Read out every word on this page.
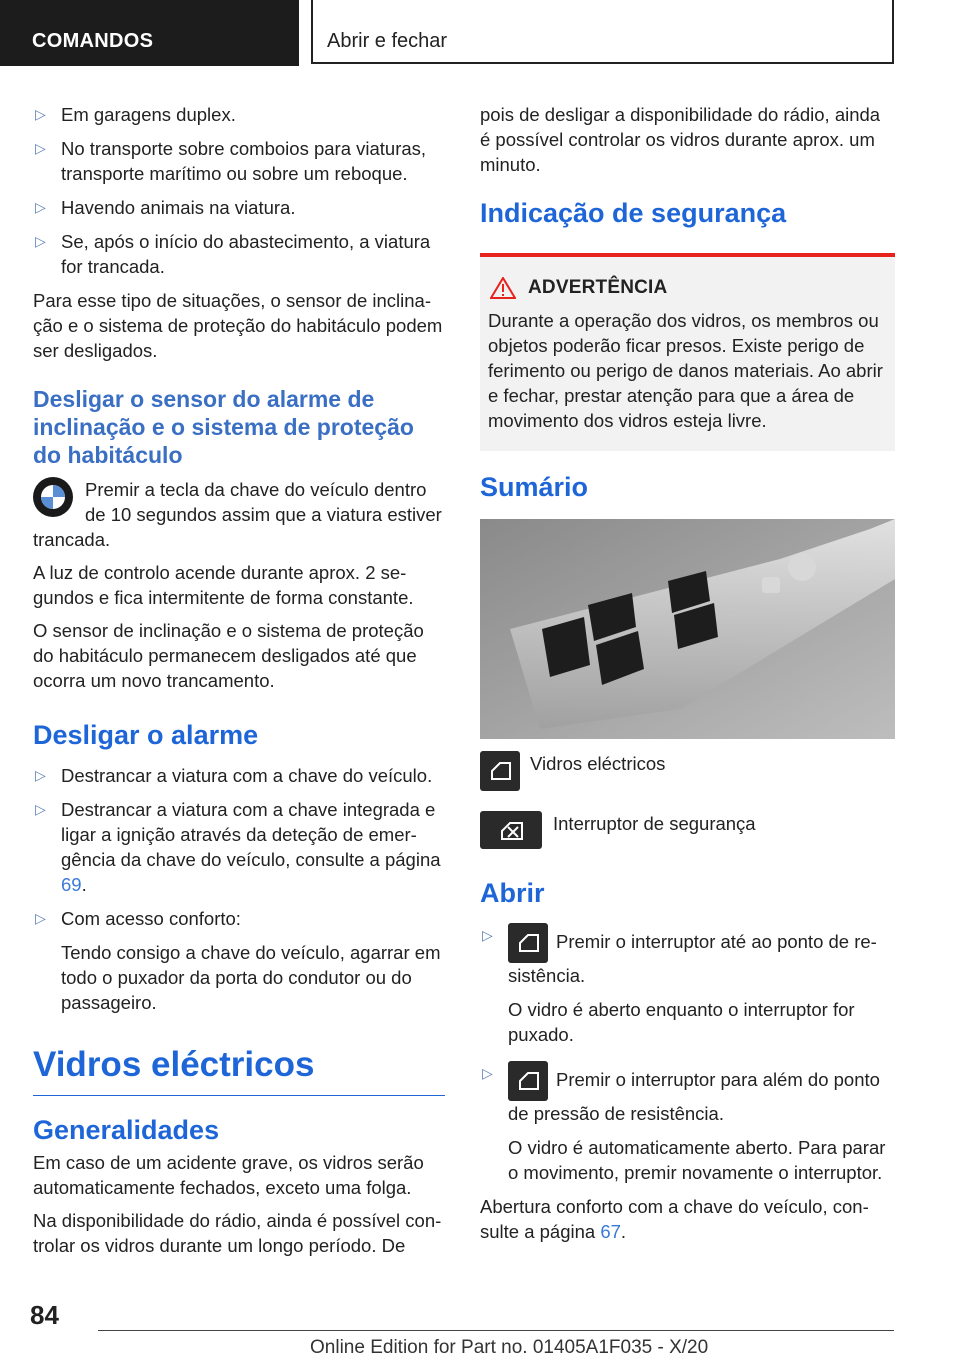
COMANDOS	Abrir e fechar
▷ Em garagens duplex.
▷ No transporte sobre comboios para viaturas, transporte marítimo ou sobre um reboque.
▷ Havendo animais na viatura.
▷ Se, após o início do abastecimento, a viatura for trancada.

Para esse tipo de situações, o sensor de inclinação e o sistema de proteção do habitáculo podem ser desligados.

Desligar o sensor do alarme de inclinação e o sistema de proteção do habitáculo

Premir a tecla da chave do veículo dentro de 10 segundos assim que a viatura estiver trancada.

A luz de controlo acende durante aprox. 2 segundos e fica intermitente de forma constante.

O sensor de inclinação e o sistema de proteção do habitáculo permanecem desligados até que ocorra um novo trancamento.

Desligar o alarme
▷ Destrancar a viatura com a chave do veículo.
▷ Destrancar a viatura com a chave integrada e ligar a ignição através da deteção de emergência da chave do veículo, consulte a página 69.
▷ Com acesso conforto:
Tendo consigo a chave do veículo, agarrar em todo o puxador da porta do condutor ou do passageiro.
Vidros eléctricos
Generalidades

Em caso de um acidente grave, os vidros serão automaticamente fechados, exceto uma folga.

Na disponibilidade do rádio, ainda é possível controlar os vidros durante um longo período. De

pois de desligar a disponibilidade do rádio, ainda é possível controlar os vidros durante aprox. um minuto.

Indicação de segurança
ADVERTÊNCIA
Durante a operação dos vidros, os membros ou objetos poderão ficar presos. Existe perigo de ferimento ou perigo de danos materiais. Ao abrir e fechar, prestar atenção para que a área de movimento dos vidros esteja livre.
Sumário
Vidros eléctricos
Interruptor de segurança
Abrir
▷	Premir o interruptor até ao ponto de resistência.
O vidro é aberto enquanto o interruptor for puxado.
▷	Premir o interruptor para além do ponto de pressão de resistência.
O vidro é automaticamente aberto. Para parar o movimento, premir novamente o interruptor.

Abertura conforto com a chave do veículo, consulte a página 67.

84
Online Edition for Part no. 01405A1F035 - X/20
